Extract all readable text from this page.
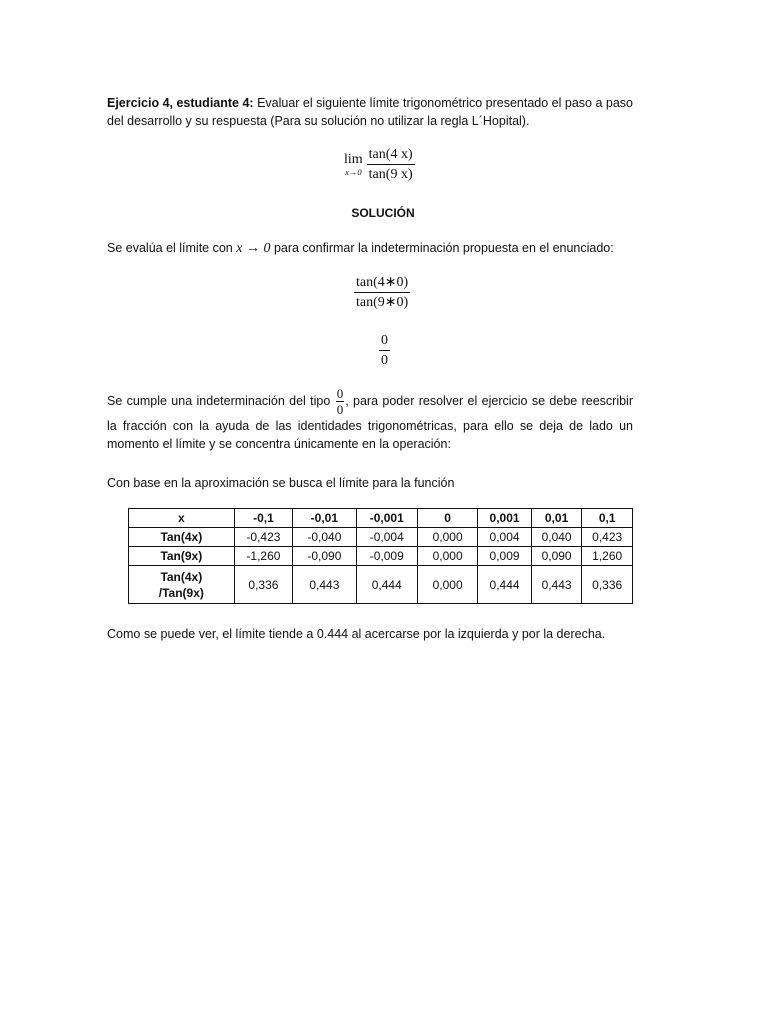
Ejercicio 4, estudiante 4: Evaluar el siguiente límite trigonométrico presentado el paso a paso del desarrollo y su respuesta (Para su solución no utilizar la regla L´Hopital).
lim
$x\to 0 \frac{\tan(4 x)}{\tan(9 x)}$
SOLUCIÓN
Se evalúa el límite con x → 0 para confirmar la indeterminación propuesta en el enunciado:
$\frac{\tan(4∗0)}{\tan(9∗0)}$
$\frac{0}{0}$
Se cumple una indeterminación del tipo $\frac{0}{0}$ , para poder resolver el ejercicio se debe reescribir la fracción con la ayuda de las identidades trigonométricas, para ello se deja de lado un momento el límite y se concentra únicamente en la operación:
Con base en la aproximación se busca el límite para la función
x	-0,1	-0,01	-0,001	0	0,001	0,01	0,1
Tan(4x)	-0,423	-0,040	-0,004	0,000	0,004	0,040	0,423
Tan(9x)	-1,260	-0,090	-0,009	0,000	0,009	0,090	1,260
Tan(4x)
/Tan(9x)	0,336	0,443	0,444	0,000	0,444	0,443	0,336
Como se puede ver, el límite tiende a 0.444 al acercarse por la izquierda y por la derecha.
